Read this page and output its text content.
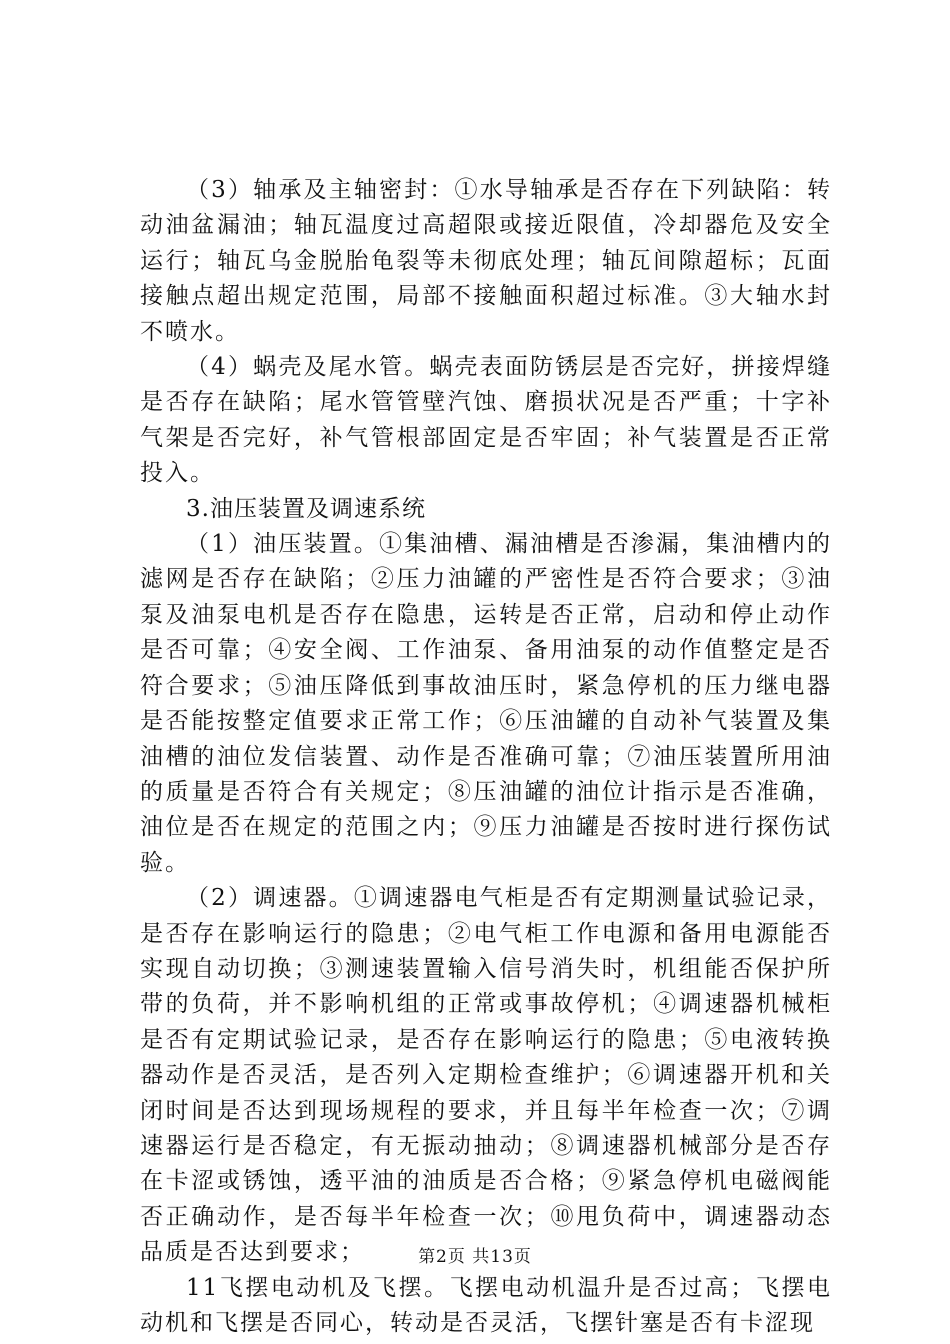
（3）轴承及主轴密封：①水导轴承是否存在下列缺陷：转动油盆漏油；轴瓦温度过高超限或接近限值，冷却器危及安全运行；轴瓦乌金脱胎龟裂等未彻底处理；轴瓦间隙超标；瓦面接触点超出规定范围，局部不接触面积超过标准。③大轴水封不喷水。

（4）蜗壳及尾水管。蜗壳表面防锈层是否完好，拼接焊缝是否存在缺陷；尾水管管壁汽蚀、磨损状况是否严重；十字补气架是否完好，补气管根部固定是否牢固；补气装置是否正常投入。

3.油压装置及调速系统

（1）油压装置。①集油槽、漏油槽是否渗漏，集油槽内的滤网是否存在缺陷；②压力油罐的严密性是否符合要求；③油泵及油泵电机是否存在隐患，运转是否正常，启动和停止动作是否可靠；④安全阀、工作油泵、备用油泵的动作值整定是否符合要求；⑤油压降低到事故油压时，紧急停机的压力继电器是否能按整定值要求正常工作；⑥压油罐的自动补气装置及集油槽的油位发信装置、动作是否准确可靠；⑦油压装置所用油的质量是否符合有关规定；⑧压油罐的油位计指示是否准确，油位是否在规定的范围之内；⑨压力油罐是否按时进行探伤试验。

（2）调速器。①调速器电气柜是否有定期测量试验记录，是否存在影响运行的隐患；②电气柜工作电源和备用电源能否实现自动切换；③测速装置输入信号消失时，机组能否保护所带的负荷，并不影响机组的正常或事故停机；④调速器机械柜是否有定期试验记录，是否存在影响运行的隐患；⑤电液转换器动作是否灵活，是否列入定期检查维护；⑥调速器开机和关闭时间是否达到现场规程的要求，并且每半年检查一次；⑦调速器运行是否稳定，有无振动抽动；⑧调速器机械部分是否存在卡涩或锈蚀，透平油的油质是否合格；⑨紧急停机电磁阀能否正确动作，是否每半年检查一次；⑩甩负荷中，调速器动态品质是否达到要求；

11飞摆电动机及飞摆。飞摆电动机温升是否过高；飞摆电动机和飞摆是否同心，转动是否灵活，飞摆针塞是否有卡涩现

第2页 共13页
